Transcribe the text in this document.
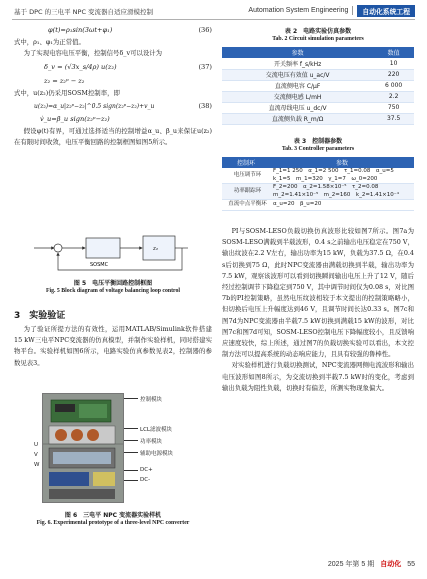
基于 DPC 的三电平 NPC 变流器自适应滑模控制	Automation System Engineering	自动化系统工程
φ(t)=ρ₁sin(3ωt+φ₁)	(36)

式中，ρ₁、φ₁为正常值。

为了实现电容电压平衡，控制信号δ_v可以设计为

δ_v = (√3x_s/4ρ) u(z₂)	(37)
z₂ = z₂ᵖ − z₂

式中，u(z₂)仍采用SOSM控制率，即

u(z₂)=α_u|z₂ᵖ−z₂|^0.5 sign(z₂ᵖ−z₂)+v_u	(38)
v̇_u=β_u sign(z₂ᵖ−z₂)

假设φ(t)有界，可通过选择适当的控制增益α_u、β_u来保证u(z₂)在有限时间收敛，电压平衡回路的控制框图如图5所示。

SOSMC
z₂
图 5　电压平衡回路控制框图
Fig. 5 Block diagram of voltage balancing loop control
3　实验验证

为了验证所提方法的有效性，运用MATLAB/Simulink软件搭建15 kW三电平NPC变流器的仿真模型，并制作实验样机，同时搭建实物平台。实验样机如图6所示，电路实验仿真参数见表2，控制器的参数见表3。

U
V
W
控制模块
LCL滤波模块
功率模块
辅助电源模块
DC+
DC-
图 6　三电平 NPC 变流器实验样机
Fig. 6. Experimental prototype of a three-level NPC converter
表 2　电路实验仿真参数
Tab. 2 Circuit simulation parameters
参数	数值
开关频率 f_s/kHz	10
交流电压有效值 u_ac/V	220
直流侧电容 C/μF	6 000
交流侧电感 L/mH	2.2
直流母线电压 u_dc/V	750
直流侧负载 R_m/Ω	37.5
表 3　控制器参数
Tab. 3 Controller parameters
控制环	参数
电压调节环	F_1=1 250　α_1=2 500　τ_1=0.08　α_u=5
k_1=5　m_1=320　γ_1=7　ω_0=200
功率跟踪环	F_2=200　α_2=1.58×10⁻⁵　τ_2=0.08
m_2=1.41×10⁻⁵　m_2=160　k_2=1.41×10⁻⁴
直流中点平衡环	α_u=20　β_u=20

PI与SOSM-LESO负载切换仿真波形比较如图7所示。图7a为SOSM-LESO满载到半载波形，0.4 s之前输出电压稳定在750 V，输出纹波在2.2 V左右，输出功率为15 kW，负载为37.5 Ω，在0.4 s后切换到75 Ω，此时NPC变流器由满载切换到半载，输出功率为7.5 kW，观察该波形可以看到切换瞬间输出电压上升了12 V，随后经过控制调节下降稳定到750 V，其中调节时间仅为0.08 s，对比图7b的PI控制策略，虽然电压纹波相较于本文提出的控制策略略小，但切换后电压上升幅度达到46 V，且调节时间长达0.33 s。图7c和图7d为NPC变流器由半载7.5 kW切换到满载15 kW的波形，对比图7c和图7d可知，SOSM-LESO控制电压下降幅度较小，且反馈响应速度较快，综上所述，通过图7的负载切换实验可以看出，本文控制方法可以提高系统的动态响应能力，且具有较强的鲁棒性。

对实验样机进行负载切换测试，NPC变流器网侧电流波形和输出电压波形如图8所示，为交流切换到半载7.5 kW时的变化，考虑到输出负载为阻性负载，切换时有偏差，所测实物现象偏大。

2025 年第 5 期 自动化 55
